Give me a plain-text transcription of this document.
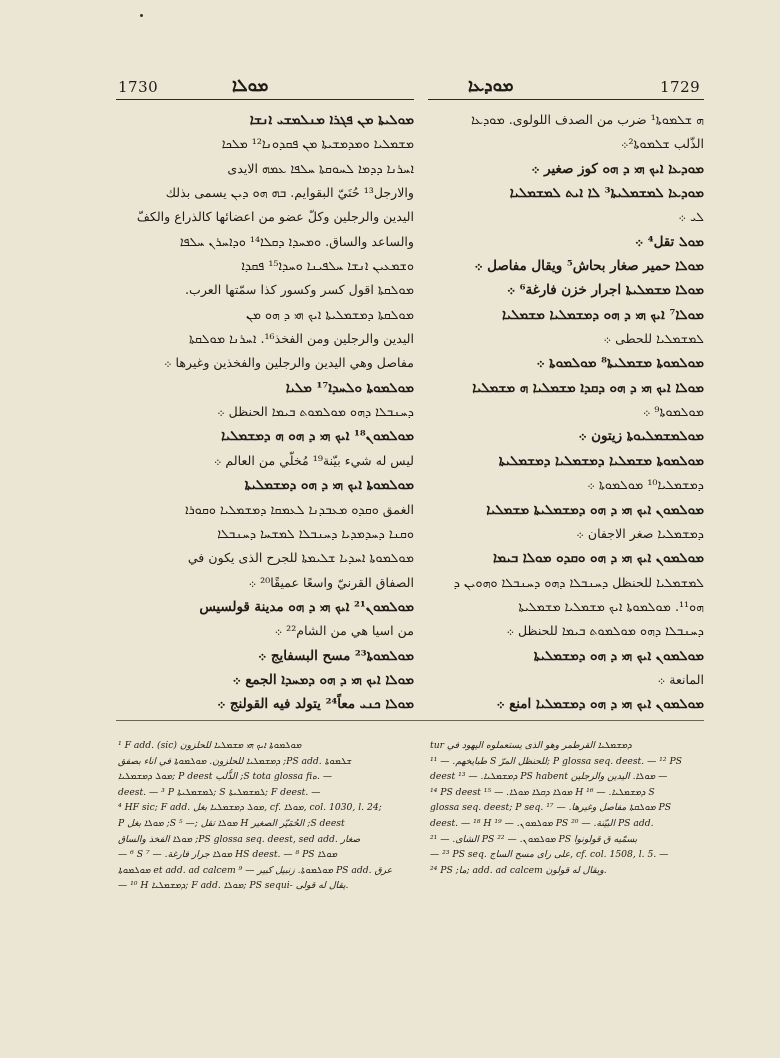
1730	ܡܘܠܐ	ܡܘܕܥܐ	1729
ܡܘܠܝܬܐ ܡܢ ܦܓܪܐ ܡܢܠܡܫܝ ܐܢܫܐ
ܡܫܡܠܝܐ ܘܡܕܡܫܝܬܐ ܡܢ ܦܩܕܘܢܐ¹² ܡܠܟܐ
ܐܚܪܢܐ ܕܕܡܐ ܠܚܘܩܬܐ ܚܠܦܐ ܥܡܗ الايدى
والارجل¹³ حُنَيّ البقوايم. ܒܗ ܗܘ ܕܝܢ يسمى بذلك
اليدين والرجلين وكلّ عضو من اعضائها كالذراع والكفّ
والساعد والساق. ܘܡܚܕܐ ܕܩܠܐ¹⁴ ܘܕܐܚܪܢ ܚܠܦܐ
ܘܫܡܥܝܢ ܐܢܫܐ ܚܠܦܝܢܐ ܘܚܕܐ¹⁵ ܦܩܕܐ
ܡܘܠܩܬܐ اقول كسر وكسور كذا سمّتها العرب.
ܡܘܠܩܬܐ ܕܡܫܡܠܝܬܐ ܐܝܟ ܗܝ ܕ ܗܘ ܡܢ
اليدين والرجلين ومن الفخذ¹⁶. ܐܚܪܢܐ ܡܘܠܩܬܐ
مفاصل وهي اليدين والرجلين والفخذين وغيرها ܀
ܡܘܠܡܘܬܐ ܘܠܚܕܐ¹⁷ ܡܠܝܐ
ܕܚܢܒܠܐ ܕܗܘ ܡܘܠܡܘܬ ܒܝܡܐ الحنظل ܀
ܡܘܠܡܘܢ¹⁸ ܐܝܟ ܗܝ ܕ ܗܘ ܗ ܕܡܫܡܠܝܐ
ليس له شيء بيّنة¹⁹ مُخلّي من العالم ܀
ܡܘܠܡܘܬܐ ܐܝܟ ܗܝ ܕ ܗܘ ܕܡܫܡܠܝܬܐ
الغمق ܘܩܕܘ ܡܥܒܕܢܐ ܠܥܡܩܐ ܕܡܫܡܠܝܐ ܘܩܘܪܐ
ܘܩܢܐ ܕܚܕܡܕܝܐ ܕܚܢܒܠܐ ܠܡܫܚܐ ܕܚܢܒܠܐ
ܡܘܠܡܘܬܐ ܐܚܕܝܐ ܫܠܝܡܬܐ للجرح الذى يكون في
الصفاق القرنيّ واسعًا عميقًا²⁰ ܀
ܡܘܠܡܘܢ²¹ ܐܝܟ ܗܝ ܕ ܗܘ مدينة قولسيس
من اسيا هي من الشام²² ܀
ܡܘܠܡܘܬܐ²³ مسح البسفايج ܀
ܡܘܠܐ ܐܝܟ ܗܝ ܕ ܗܘ ܕܡܚܕܐ الجمع ܀
ܡܘܠܐ ܟܢܝ معاً²⁴ يتولد فيه القولنج ܀
ܗ ܫܠܡܘܬܐ¹ ضرب من الصدف اللولوى. ܡܘܕܥܐ
الذّلب ܫܠܡܘܬܐ²܀
ܡܘܕܥܐ ܐܝܟ ܗܝ ܕ ܗܘ كوز صغير ܀
ܡܘܕܥܐ ܠܡܫܡܠܝܬܐ³ ܠܐ ܐܝܬ ܠܡܫܡܠܝܐ
ܠܝ ܀
ܡܘܠ تقل⁴ ܀
ܡܘܠܐ حمير صغار بحاش⁵ ويقال مفاصل ܀
ܡܘܠܐ ܡܫܡܠܝܬܐ اجرار خزن فارغة⁶ ܀
ܡܘܠܐ⁷ ܐܝܟ ܗܝ ܕ ܗܘ ܕܡܫܡܠܝܐ ܡܫܡܠܝܐ
ܠܡܫܡܠܝܐ للحطى ܀
ܡܘܠܡܘܬܐ ܡܫܡܠܝܬܐ⁸ ܡܘܠܡܘܬܐ ܀
ܡܘܠܐ ܐܝܟ ܗܝ ܕ ܗܘ ܕܩܕܐ ܡܫܡܠܝܐ ܗ ܡܫܡܠܝܐ
ܡܘܠܡܘܬܐ⁹ ܀
ܡܘܠܡܫܡܠܝܘܬܐ زيتون ܀
ܡܘܠܡܘܬܐ ܡܫܡܠܝܐ ܕܡܫܡܠܝܐ ܕܡܫܡܠܝܬܐ
ܕܡܫܡܠܝܐ¹⁰ ܡܘܠܡܘܬܐ ܀
ܡܘܠܡܘܢ ܐܝܟ ܗܝ ܕ ܗܘ ܕܡܫܡܠܝܬܐ ܡܫܡܠܝܐ
ܕܡܫܡܠܝܐ صغر الاجفان ܀
ܡܘܠܡܘܢ ܐܝܟ ܗܝ ܕ ܗܘ ܘܩܕܘ ܡܘܠܐ ܒܝܡܐ
ܠܡܫܡܠܝܐ للحنظل ܕܚܢܒܠܐ ܕܗܘ ܕܚܢܒܠܐ ܘܗܘܝܢ ܕ
ܗܘ¹¹. ܡܘܠܡܘܬܐ ܐܝܟ ܡܫܡܠܝܐ ܡܫܡܠܝܬܐ
ܕܚܢܒܠܐ ܕܗܘ ܡܘܠܡܘܬ ܒܝܡܐ للحنظل ܀
ܡܘܠܡܘܢ ܐܝܟ ܗܝ ܕ ܗܘ ܕܡܫܡܠܝܬܐ
المانعة ܀
ܡܘܠܡܘܢ ܐܝܟ ܗܝ ܕ ܗܘ ܕܡܫܡܠܝܐ امنع ܀
¹ F add. (sic) ܡܘܠܡܘܬܐ ܐܝܟ ܗܝ ܡܫܡܠܝܐ للحلزون
ܕܡܫܡܠܝܐ للحلزون. ܡܘܠܡܘܬܐ في اناء بصفق ;PS add. ܫܠܡܘܬܐ
ܡܘܠ ܕܡܫܡܠܝܐ; P deest الذُّلب ;S tota glossa fiه. —
deest. — ³ P ܠܡܫܡܠܝܬܐ; S ܠܡܫܡܠܝܬܐ; F deest. —
⁴ HF sic; F add. ܡܘܠ ܕܡܫܡܠܝܐ بغل, cf. ܡܘܠܐ, col. 1030, l. 24;
P ܡܘܠܐ بغل ;S ܡܘܠܐ تقل ;— ⁵ H الحُمَيّر الصغير ;S deest
ܡܘܠܐ الفخذ والساق ;PS glossa seq. deest, sed add. صغار
— ⁶ S ܡܘܠܐ جرار فارغة. — ⁷ HS deest. — ⁸ PS ܡܘܠܐ
ܡܘܠܡܘܬܐ et add. ad calcem ܡܘܠܡܘܬܐ. زنبيل كبير — ⁹ PS add. عرق
— ¹⁰ H ܕܡܫܡܠܝܐ; F add. ܡܘܠܐ; PS sequi- يقال له قولى.
tur ܕܡܫܡܠܝܐ القرطمر وهو الذى يستعملوه اليهود في
طبايخهم. — ¹¹ S للحنظل المرّ; P glossa seq. deest. — ¹² PS
deest ܕܡܫܡܠܝܐ. — ¹³ PS habent ܡܘܠܐ. اليدين والرجلين —
¹⁴ PS deest ܡܘܠܐ ܕܩܠܐ ܡܘܠܐ. — ¹⁵ H ܕܡܫܡܠܝܐ. — ¹⁶ S
glossa seq. deest; P seq. ܡܘܠܩܬܐ مفاصل وغيرها. — ¹⁷ PS
deest. — ¹⁸ H ܡܘܠܡܘܢ. — ¹⁹ PS البيّنة. — ²⁰ PS add.
الشاى. — ²¹ PS ܡܘܠܡܘܢ. — ²² PS بسمّيه ق قولونوا
— ²³ PS seq. على راى مسح الساج, cf. col. 1508, l. 5. —
²⁴ PS ;ما; add. ad calcem ويقال له قولون.
